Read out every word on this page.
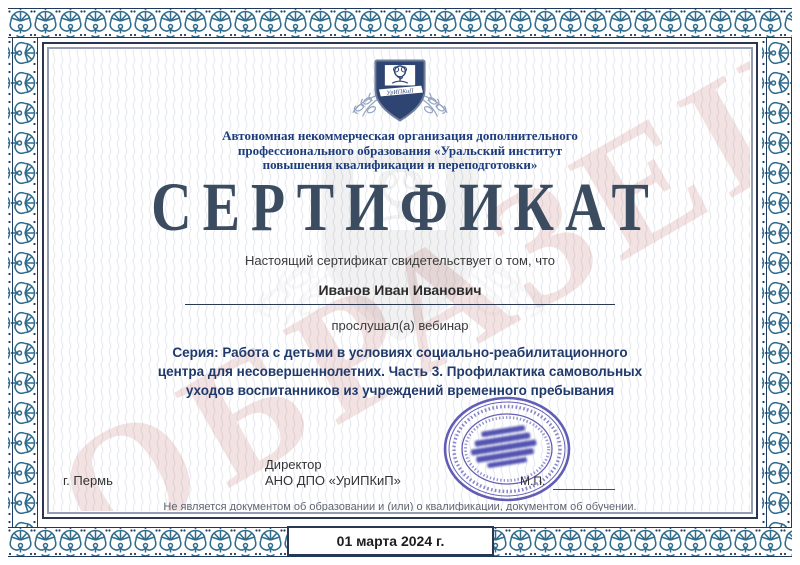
УрИПКиП
Автономная некоммерческая организация дополнительного
профессионального образования «Уральский институт
повышения квалификации и переподготовки»
СЕРТИФИКАТ
Настоящий сертификат свидетельствует о том, что
Иванов Иван Иванович
прослушал(а) вебинар
Серия: Работа с детьми в условиях социально-реабилитационного
центра для несовершеннолетних. Часть 3. Профилактика самовольных
уходов воспитанников из учреждений временного пребывания
г. Пермь
Директор
АНО ДПО «УрИПКиП»	М.П.
Не является документом об образовании и (или) о квалификации, документом об обучении.
01 марта 2024 г.
